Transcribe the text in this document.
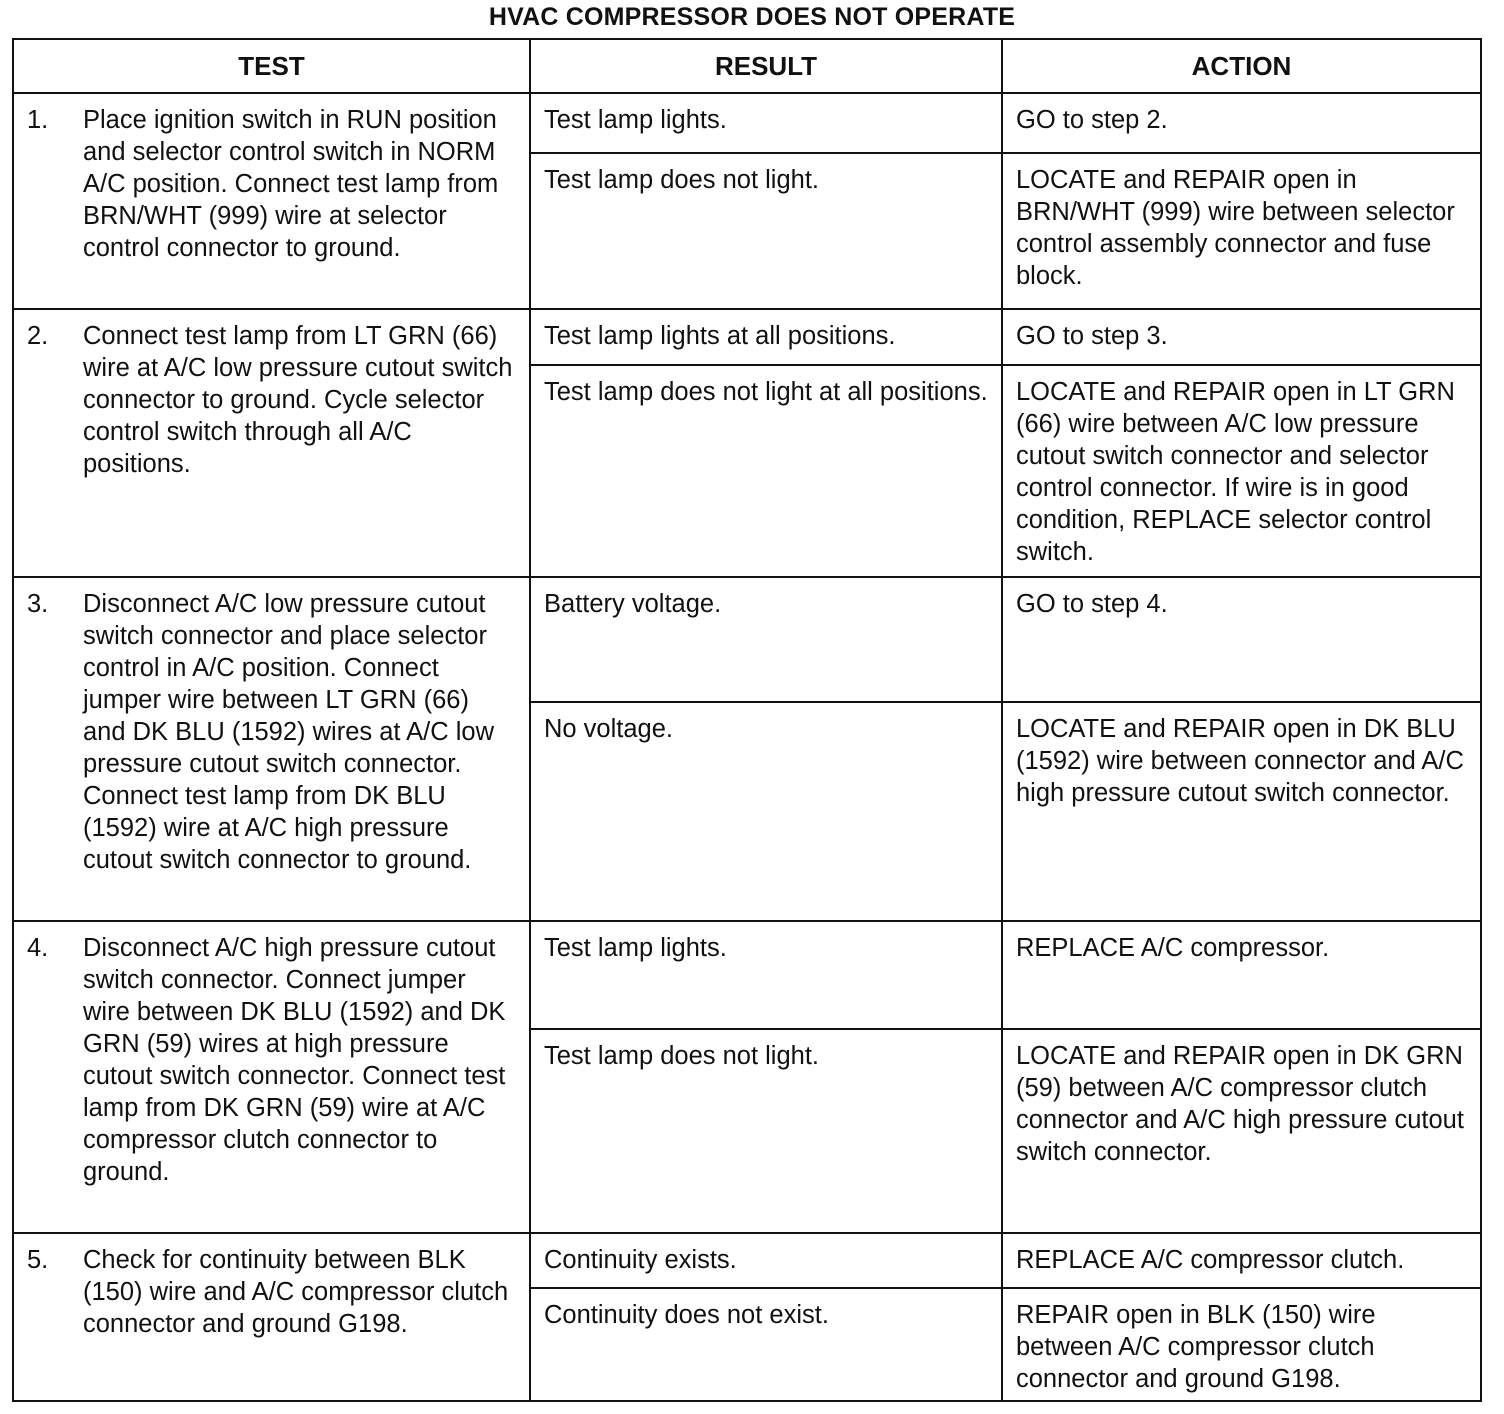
HVAC COMPRESSOR DOES NOT OPERATE
TEST	RESULT	ACTION

1. Place ignition switch in RUN position and selector control switch in NORM A/C position. Connect test lamp from BRN/WHT (999) wire at selector control connector to ground.	Test lamp lights.	GO to step 2.
	Test lamp does not light.	LOCATE and REPAIR open in BRN/WHT (999) wire between selector control assembly connector and fuse block.

2. Connect test lamp from LT GRN (66) wire at A/C low pressure cutout switch connector to ground. Cycle selector control switch through all A/C positions.	Test lamp lights at all positions.	GO to step 3.
	Test lamp does not light at all positions.	LOCATE and REPAIR open in LT GRN (66) wire between A/C low pressure cutout switch connector and selector control connector. If wire is in good condition, REPLACE selector control switch.

3. Disconnect A/C low pressure cutout switch connector and place selector control in A/C position. Connect jumper wire between LT GRN (66) and DK BLU (1592) wires at A/C low pressure cutout switch connector. Connect test lamp from DK BLU (1592) wire at A/C high pressure cutout switch connector to ground.	Battery voltage.	GO to step 4.
	No voltage.	LOCATE and REPAIR open in DK BLU (1592) wire between connector and A/C high pressure cutout switch connector.

4. Disconnect A/C high pressure cutout switch connector. Connect jumper wire between DK BLU (1592) and DK GRN (59) wires at high pressure cutout switch connector. Connect test lamp from DK GRN (59) wire at A/C compressor clutch connector to ground.	Test lamp lights.	REPLACE A/C compressor.
	Test lamp does not light.	LOCATE and REPAIR open in DK GRN (59) between A/C compressor clutch connector and A/C high pressure cutout switch connector.

5. Check for continuity between BLK (150) wire and A/C compressor clutch connector and ground G198.	Continuity exists.	REPLACE A/C compressor clutch.
	Continuity does not exist.	REPAIR open in BLK (150) wire between A/C compressor clutch connector and ground G198.
